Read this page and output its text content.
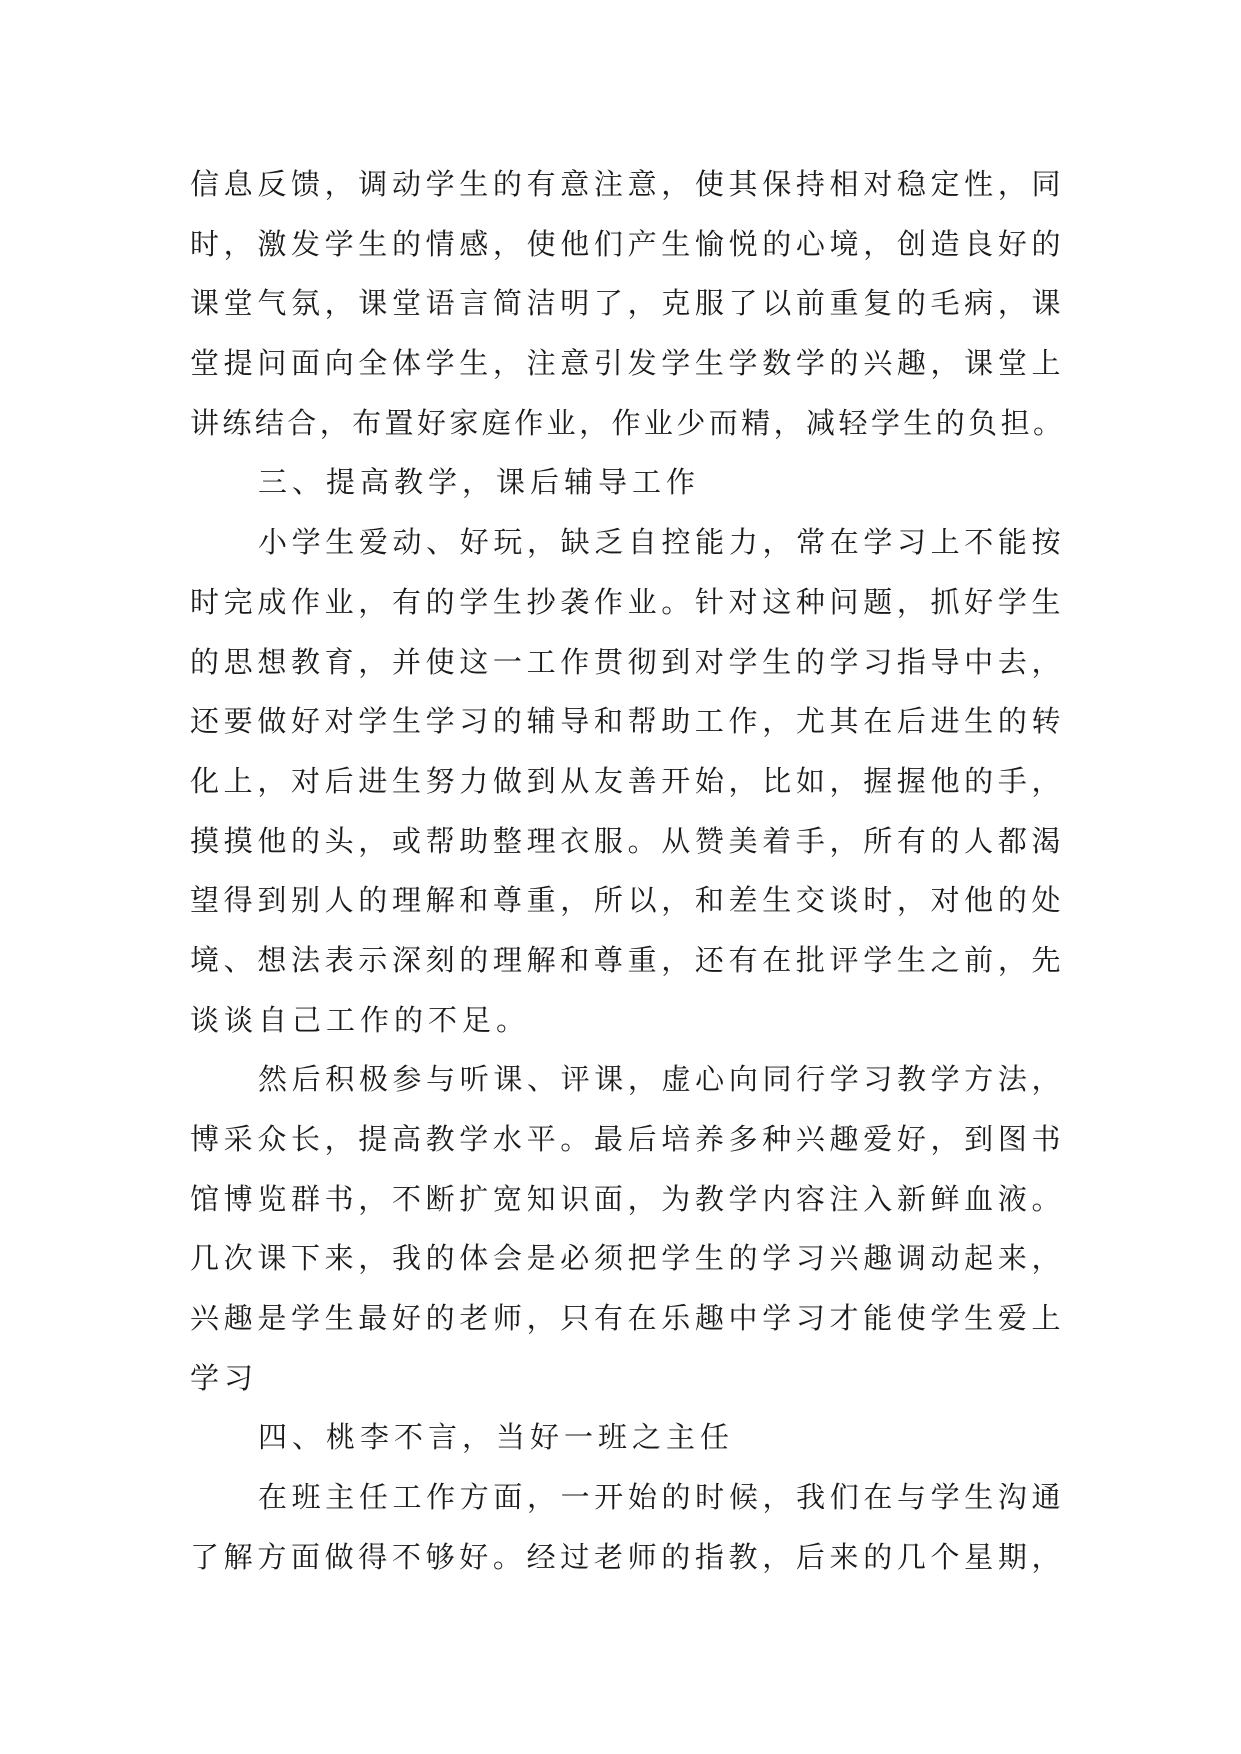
信息反馈，调动学生的有意注意，使其保持相对稳定性，同
时，激发学生的情感，使他们产生愉悦的心境，创造良好的
课堂气氛，课堂语言简洁明了，克服了以前重复的毛病，课
堂提问面向全体学生，注意引发学生学数学的兴趣，课堂上
讲练结合，布置好家庭作业，作业少而精，减轻学生的负担。
三、提高教学，课后辅导工作
小学生爱动、好玩，缺乏自控能力，常在学习上不能按
时完成作业，有的学生抄袭作业。针对这种问题，抓好学生
的思想教育，并使这一工作贯彻到对学生的学习指导中去，
还要做好对学生学习的辅导和帮助工作，尤其在后进生的转
化上，对后进生努力做到从友善开始，比如，握握他的手，
摸摸他的头，或帮助整理衣服。从赞美着手，所有的人都渴
望得到别人的理解和尊重，所以，和差生交谈时，对他的处
境、想法表示深刻的理解和尊重，还有在批评学生之前，先
谈谈自己工作的不足。
然后积极参与听课、评课，虚心向同行学习教学方法，
博采众长，提高教学水平。最后培养多种兴趣爱好，到图书
馆博览群书，不断扩宽知识面，为教学内容注入新鲜血液。
几次课下来，我的体会是必须把学生的学习兴趣调动起来，
兴趣是学生最好的老师，只有在乐趣中学习才能使学生爱上
学习
四、桃李不言，当好一班之主任
在班主任工作方面，一开始的时候，我们在与学生沟通
了解方面做得不够好。经过老师的指教，后来的几个星期，
